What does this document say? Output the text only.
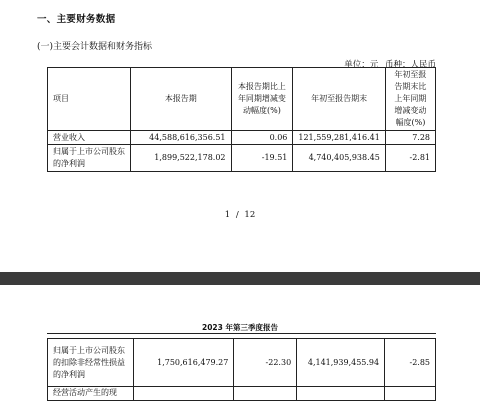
一、主要财务数据
(一)主要会计数据和财务指标
单位：元 币种：人民币
项目	本报告期	本报告期比上年同期增减变动幅度(%)	年初至报告期末	年初至报告期末比上年同期增减变动幅度(%)
营业收入	44,588,616,356.51	0.06	121,559,281,416.41	7.28
归属于上市公司股东的净利润	1,899,522,178.02	-19.51	4,740,405,938.45	-2.81
1 / 12
2023 年第三季度报告
归属于上市公司股东的扣除非经常性损益的净利润	1,750,616,479.27	-22.30	4,141,939,455.94	-2.85
经营活动产生的现				
